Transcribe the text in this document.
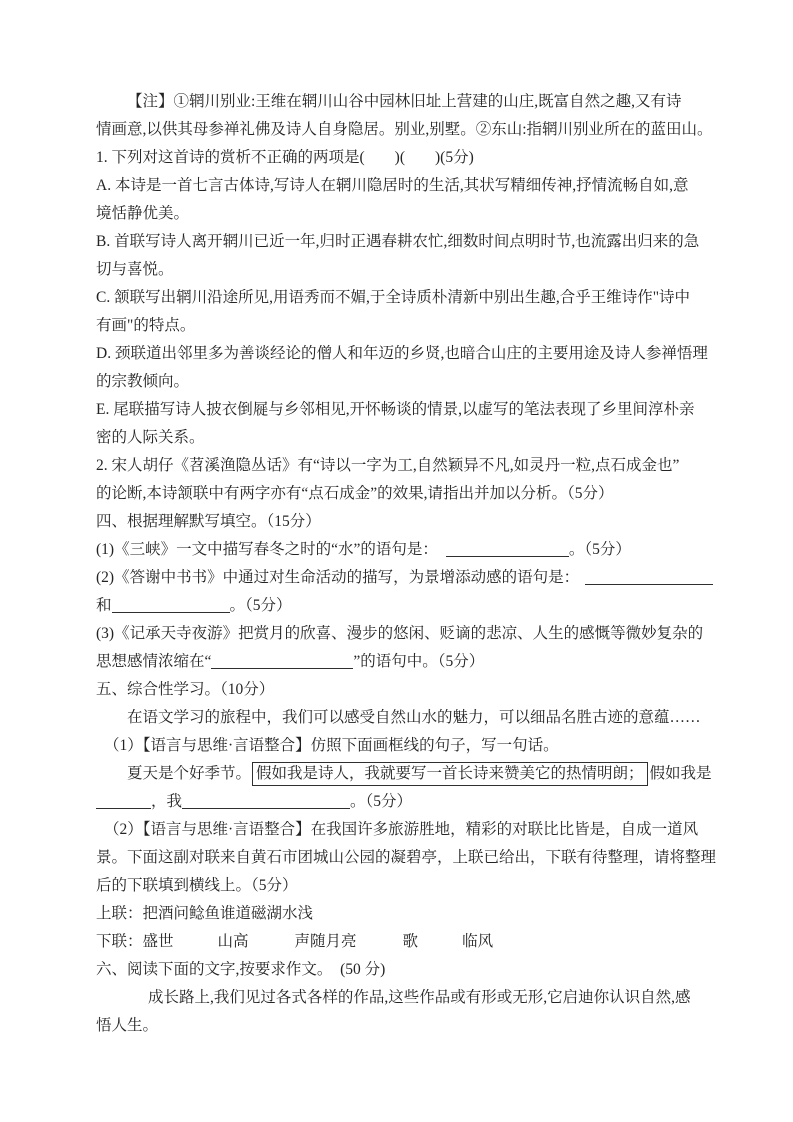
【注】①辋川别业:王维在辋川山谷中园林旧址上营建的山庄,既富自然之趣,又有诗
情画意,以供其母参禅礼佛及诗人自身隐居。别业,别墅。②东山:指辋川别业所在的蓝田山。
1. 下列对这首诗的赏析不正确的两项是( )( )(5分)
A. 本诗是一首七言古体诗,写诗人在辋川隐居时的生活,其状写精细传神,抒情流畅自如,意
境恬静优美。
B. 首联写诗人离开辋川已近一年,归时正遇春耕农忙,细数时间点明时节,也流露出归来的急
切与喜悦。
C. 颔联写出辋川沿途所见,用语秀而不媚,于全诗质朴清新中别出生趣,合乎王维诗作"诗中
有画"的特点。
D. 颈联道出邻里多为善谈经论的僧人和年迈的乡贤,也暗合山庄的主要用途及诗人参禅悟理
的宗教倾向。
E. 尾联描写诗人披衣倒屣与乡邻相见,开怀畅谈的情景,以虚写的笔法表现了乡里间淳朴亲
密的人际关系。
2. 宋人胡仔《苕溪渔隐丛话》有“诗以一字为工,自然颖异不凡,如灵丹一粒,点石成金也”
的论断,本诗颔联中有两字亦有“点石成金”的效果,请指出并加以分析。（5分）
四、根据理解默写填空。（15分）
(1)《三峡》一文中描写春冬之时的“水”的语句是：	。（5分）
(2)《答谢中书书》中通过对生命活动的描写，为景增添动感的语句是：
和	。（5分）
(3)《记承天寺夜游》把赏月的欣喜、漫步的悠闲、贬谪的悲凉、人生的感慨等微妙复杂的
思想感情浓缩在“	”的语句中。（5分）
五、综合性学习。（10分）
在语文学习的旅程中，我们可以感受自然山水的魅力，可以细品名胜古迹的意蕴……
（1）【语言与思维·言语整合】仿照下面画框线的句子，写一句话。
夏天是个好季节。 假如我是诗人，我就要写一首长诗来赞美它的热情明朗； 假如我是
，我	。（5分）
（2）【语言与思维·言语整合】在我国许多旅游胜地，精彩的对联比比皆是，自成一道风
景。下面这副对联来自黄石市团城山公园的凝碧亭，上联已给出，下联有待整理，请将整理
后的下联填到横线上。（5分）
上联：把酒问鲶鱼谁道磁湖水浅
下联：盛世	山高	声随月亮	歌	临风
六、阅读下面的文字,按要求作文。　(50 分)
成长路上,我们见过各式各样的作品,这些作品或有形或无形,它启迪你认识自然,感
悟人生。
